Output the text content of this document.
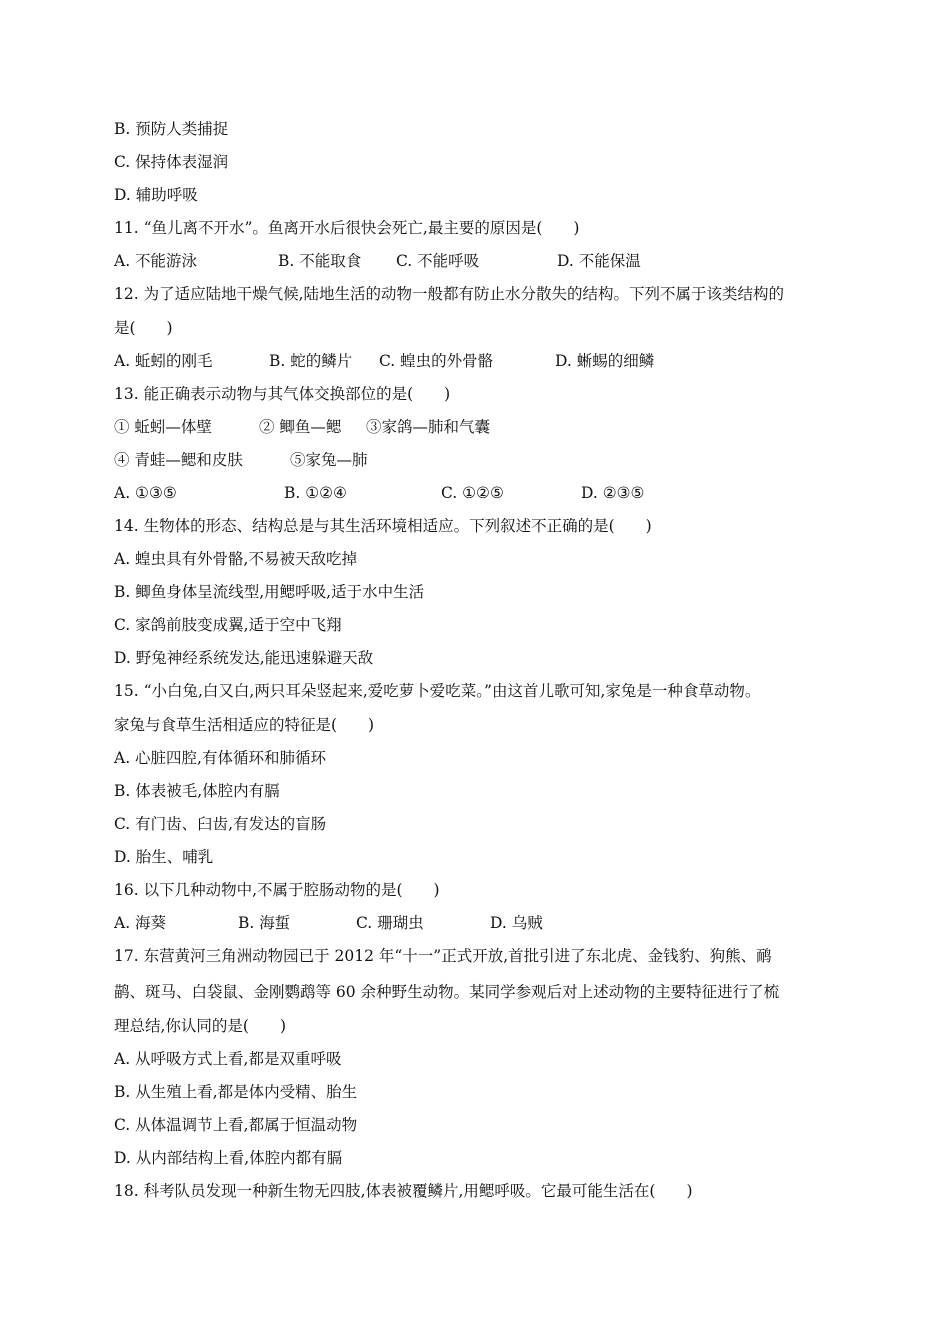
B. 预防人类捕捉
C. 保持体表湿润
D. 辅助呼吸
11. “鱼儿离不开水”。鱼离开水后很快会死亡,最主要的原因是(　　)

A. 不能游泳

	B. 不能取食

C. 不能呼吸

	D. 不能保温

12. 为了适应陆地干燥气候,陆地生活的动物一般都有防止水分散失的结构。下列不属于该类结构的
是(　　)

A. 蚯蚓的刚毛

	B. 蛇的鳞片

C. 蝗虫的外骨骼

	D. 蜥蜴的细鳞

13. 能正确表示动物与其气体交换部位的是(　　)

① 蚯蚓—体壁

	② 鲫鱼—鳃

③家鸽—肺和气囊

④ 青蛙—鳃和皮肤

	⑤家兔—肺

A. ①③⑤

	B. ①②④

	C. ①②⑤

	D. ②③⑤

14. 生物体的形态、结构总是与其生活环境相适应。下列叙述不正确的是(　　)
A. 蝗虫具有外骨骼,不易被天敌吃掉
B. 鲫鱼身体呈流线型,用鳃呼吸,适于水中生活
C. 家鸽前肢变成翼,适于空中飞翔
D. 野兔神经系统发达,能迅速躲避天敌
15. “小白兔,白又白,两只耳朵竖起来,爱吃萝卜爱吃菜。”由这首儿歌可知,家兔是一种食草动物。
家兔与食草生活相适应的特征是(　　)
A. 心脏四腔,有体循环和肺循环
B. 体表被毛,体腔内有膈
C. 有门齿、臼齿,有发达的盲肠
D. 胎生、哺乳
16. 以下几种动物中,不属于腔肠动物的是(　　)

A. 海葵

	B. 海蜇

	C. 珊瑚虫

	D. 乌贼

17. 东营黄河三角洲动物园已于 2012 年“十一”正式开放,首批引进了东北虎、金钱豹、狗熊、鸸
鹋、斑马、白袋鼠、金刚鹦鹉等 60 余种野生动物。某同学参观后对上述动物的主要特征进行了梳
理总结,你认同的是(　　)
A. 从呼吸方式上看,都是双重呼吸
B. 从生殖上看,都是体内受精、胎生
C. 从体温调节上看,都属于恒温动物
D. 从内部结构上看,体腔内都有膈
18. 科考队员发现一种新生物无四肢,体表被覆鳞片,用鳃呼吸。它最可能生活在(　　)
